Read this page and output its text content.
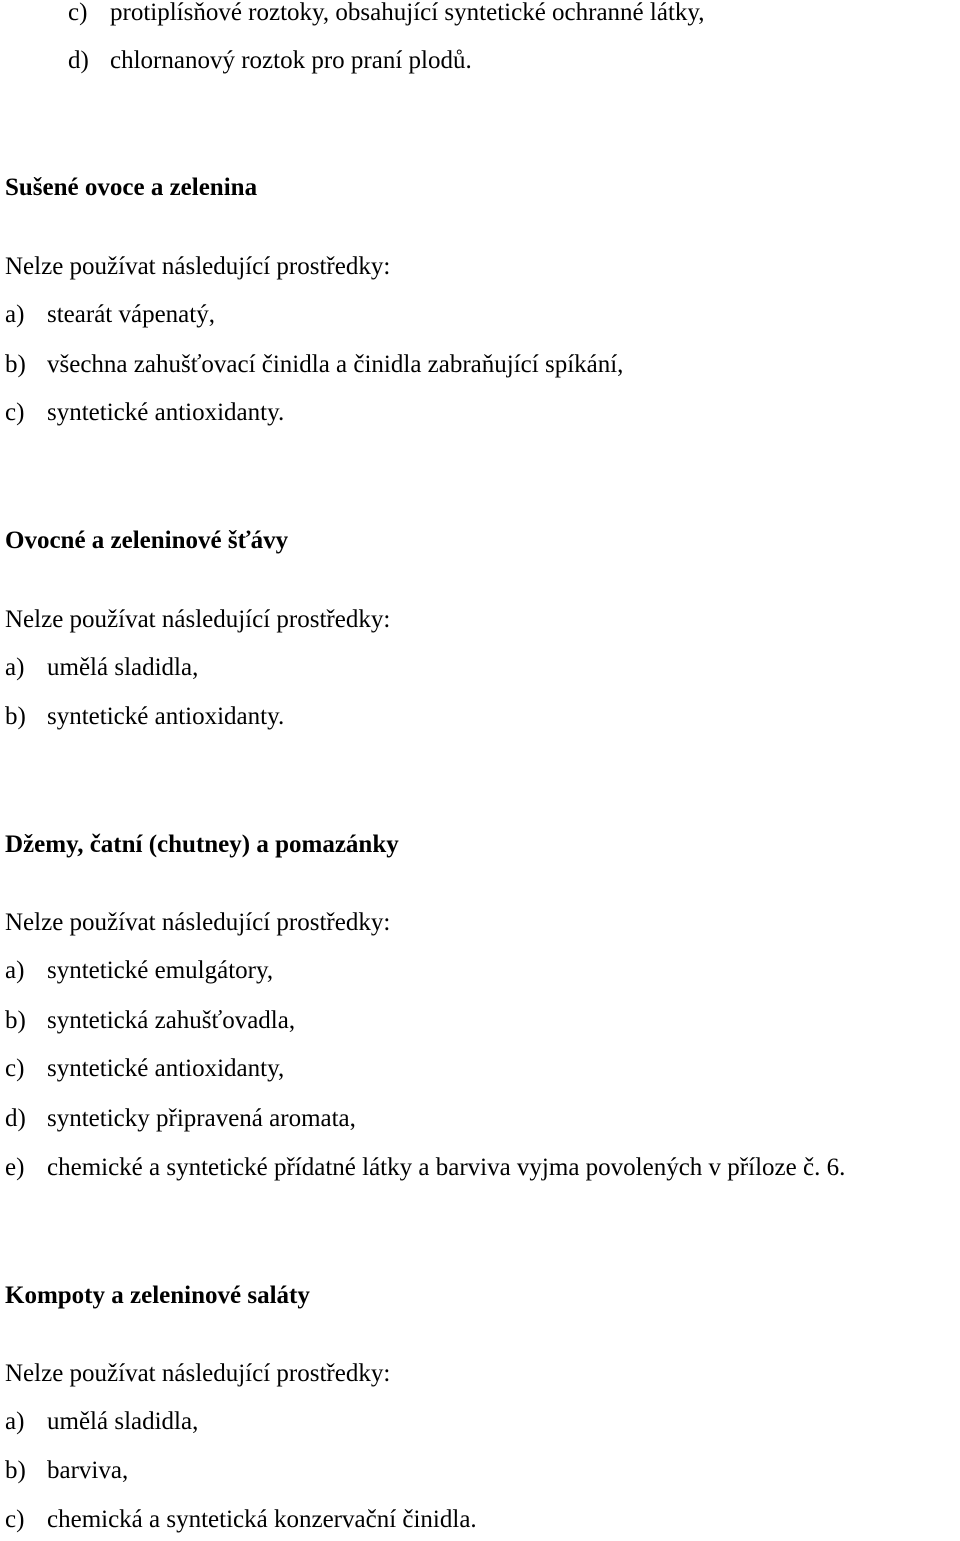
c) protiplísňové roztoky, obsahující syntetické ochranné látky,
d) chlornanový roztok pro praní plodů.
Sušené ovoce a zelenina
Nelze používat následující prostředky:
a) stearát vápenatý,
b) všechna zahušťovací činidla a činidla zabraňující spíkání,
c) syntetické antioxidanty.
Ovocné a zeleninové šťávy
Nelze používat následující prostředky:
a) umělá sladidla,
b) syntetické antioxidanty.
Džemy, čatní (chutney) a pomazánky
Nelze používat následující prostředky:
a) syntetické emulgátory,
b) syntetická zahušťovadla,
c) syntetické antioxidanty,
d) synteticky připravená aromata,
e) chemické a syntetické přídatné látky a barviva vyjma povolených v příloze č. 6.
Kompoty a zeleninové saláty
Nelze používat následující prostředky:
a) umělá sladidla,
b) barviva,
c) chemická a syntetická konzervační činidla.
